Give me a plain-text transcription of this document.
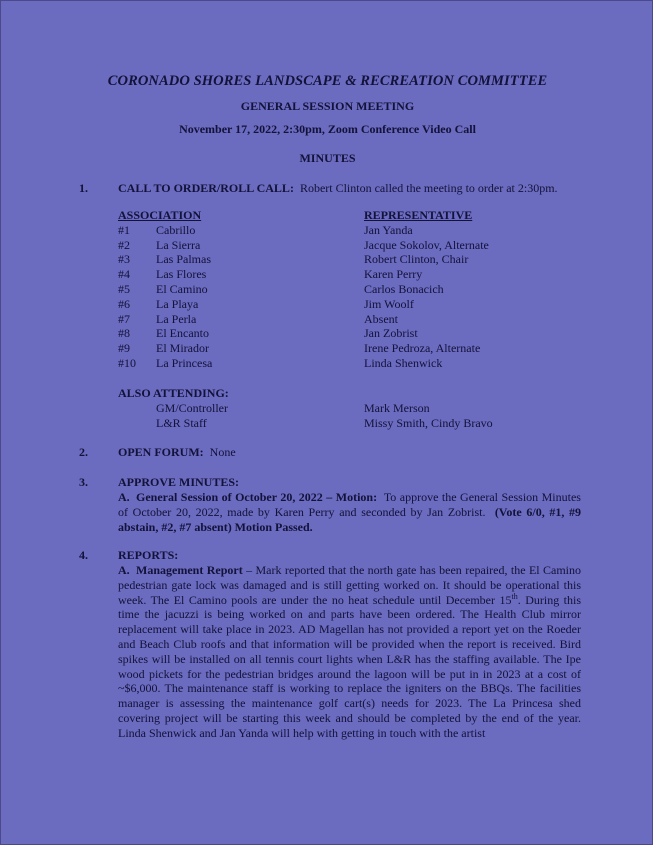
CORONADO SHORES LANDSCAPE & RECREATION COMMITTEE
GENERAL SESSION MEETING
November 17, 2022, 2:30pm, Zoom Conference Video Call
MINUTES
1.	CALL TO ORDER/ROLL CALL: Robert Clinton called the meeting to order at 2:30pm.
ASSOCIATION	REPRESENTATIVE
#1	Cabrillo	Jan Yanda
#2	La Sierra	Jacque Sokolov, Alternate
#3	Las Palmas	Robert Clinton, Chair
#4	Las Flores	Karen Perry
#5	El Camino	Carlos Bonacich
#6	La Playa	Jim Woolf
#7	La Perla	Absent
#8	El Encanto	Jan Zobrist
#9	El Mirador	Irene Pedroza, Alternate
#10	La Princesa	Linda Shenwick
ALSO ATTENDING:
GM/Controller	Mark Merson
L&R Staff	Missy Smith, Cindy Bravo
2.	OPEN FORUM: None
3.	APPROVE MINUTES:
A. General Session of October 20, 2022 – Motion: To approve the General Session Minutes of October 20, 2022, made by Karen Perry and seconded by Jan Zobrist. (Vote 6/0, #1, #9 abstain, #2, #7 absent) Motion Passed.
4.	REPORTS:
A. Management Report – Mark reported that the north gate has been repaired, the El Camino pedestrian gate lock was damaged and is still getting worked on. It should be operational this week. The El Camino pools are under the no heat schedule until December 15th. During this time the jacuzzi is being worked on and parts have been ordered. The Health Club mirror replacement will take place in 2023. AD Magellan has not provided a report yet on the Roeder and Beach Club roofs and that information will be provided when the report is received. Bird spikes will be installed on all tennis court lights when L&R has the staffing available. The Ipe wood pickets for the pedestrian bridges around the lagoon will be put in in 2023 at a cost of ~$6,000. The maintenance staff is working to replace the igniters on the BBQs. The facilities manager is assessing the maintenance golf cart(s) needs for 2023. The La Princesa shed covering project will be starting this week and should be completed by the end of the year. Linda Shenwick and Jan Yanda will help with getting in touch with the artist
